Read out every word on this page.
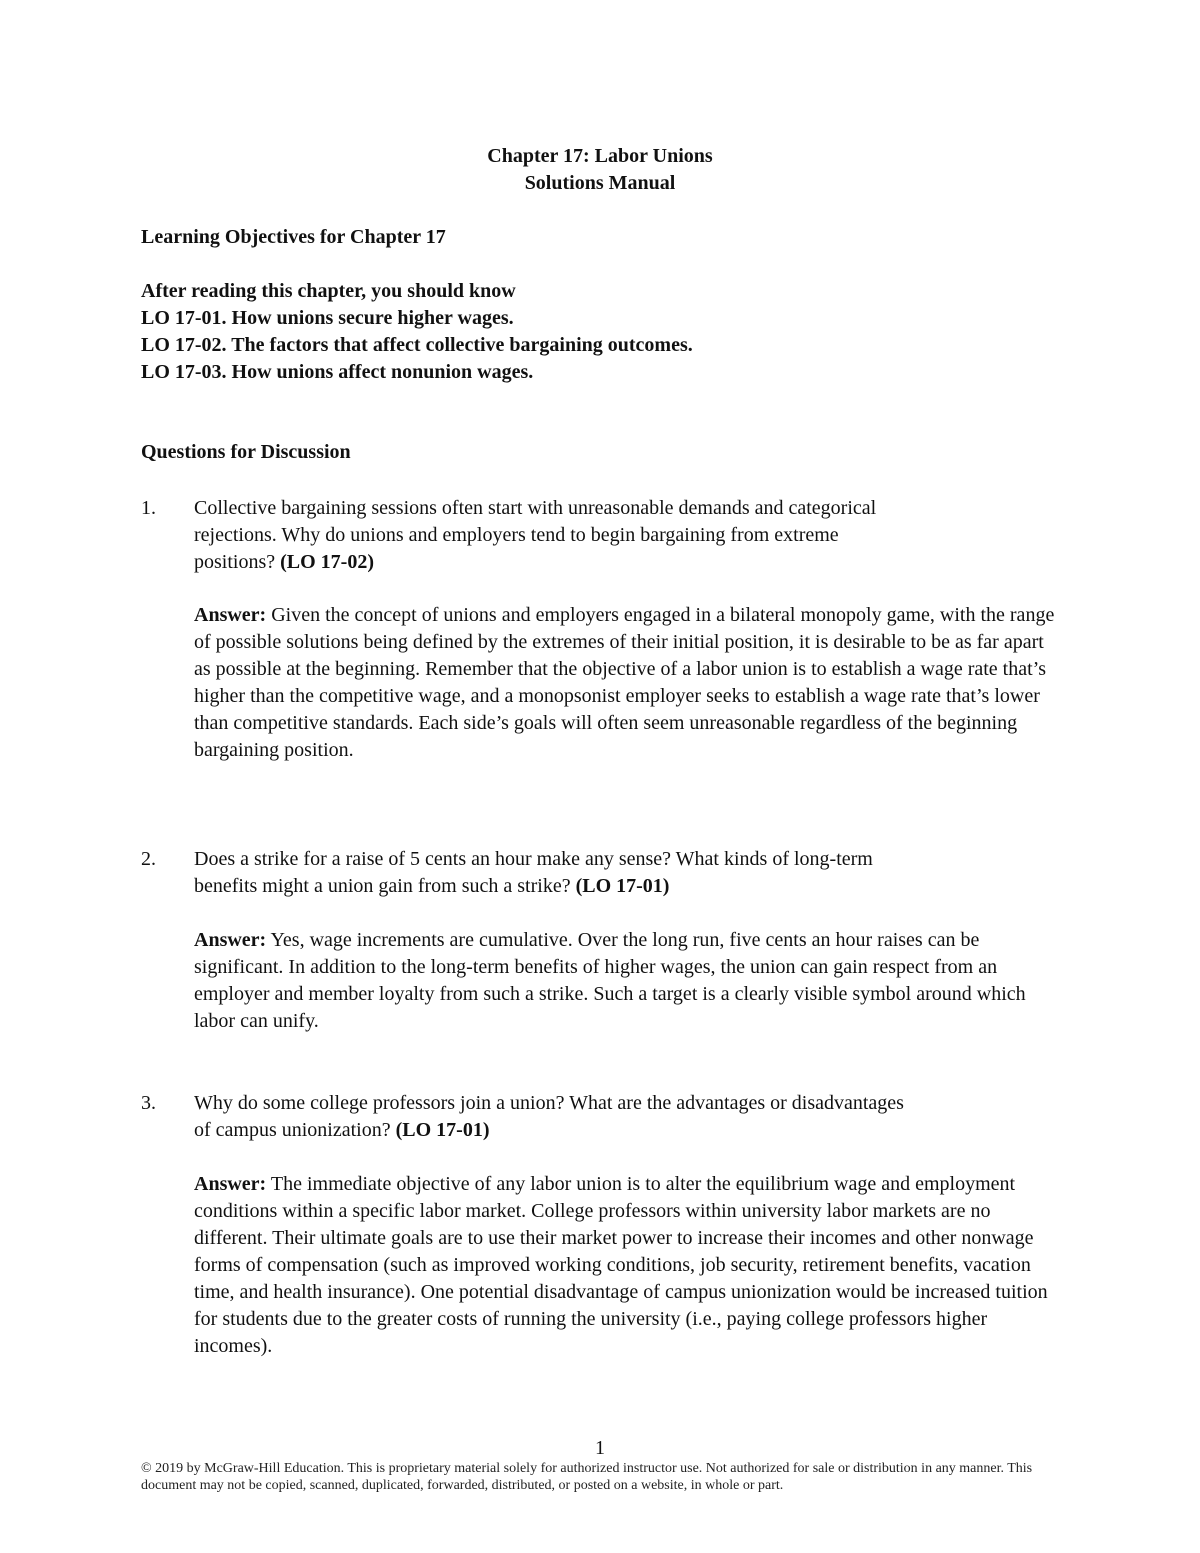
Chapter 17: Labor Unions
Solutions Manual
Learning Objectives for Chapter 17
After reading this chapter, you should know
LO 17-01. How unions secure higher wages.
LO 17-02. The factors that affect collective bargaining outcomes.
LO 17-03. How unions affect nonunion wages.
Questions for Discussion
1. Collective bargaining sessions often start with unreasonable demands and categorical
rejections. Why do unions and employers tend to begin bargaining from extreme
positions? (LO 17-02)

Answer: Given the concept of unions and employers engaged in a bilateral monopoly game, with the range of possible solutions being defined by the extremes of their initial position, it is desirable to be as far apart as possible at the beginning. Remember that the objective of a labor union is to establish a wage rate that’s higher than the competitive wage, and a monopsonist employer seeks to establish a wage rate that’s lower than competitive standards. Each side’s goals will often seem unreasonable regardless of the beginning bargaining position.

2. Does a strike for a raise of 5 cents an hour make any sense? What kinds of long-term
benefits might a union gain from such a strike? (LO 17-01)

Answer: Yes, wage increments are cumulative. Over the long run, five cents an hour raises can be significant. In addition to the long-term benefits of higher wages, the union can gain respect from an employer and member loyalty from such a strike. Such a target is a clearly visible symbol around which labor can unify.

3. Why do some college professors join a union? What are the advantages or disadvantages
of campus unionization? (LO 17-01)

Answer: The immediate objective of any labor union is to alter the equilibrium wage and employment conditions within a specific labor market. College professors within university labor markets are no different. Their ultimate goals are to use their market power to increase their incomes and other nonwage forms of compensation (such as improved working conditions, job security, retirement benefits, vacation time, and health insurance). One potential disadvantage of campus unionization would be increased tuition for students due to the greater costs of running the university (i.e., paying college professors higher incomes).

1
© 2019 by McGraw-Hill Education. This is proprietary material solely for authorized instructor use. Not authorized for sale or distribution in any manner. This document may not be copied, scanned, duplicated, forwarded, distributed, or posted on a website, in whole or part.
